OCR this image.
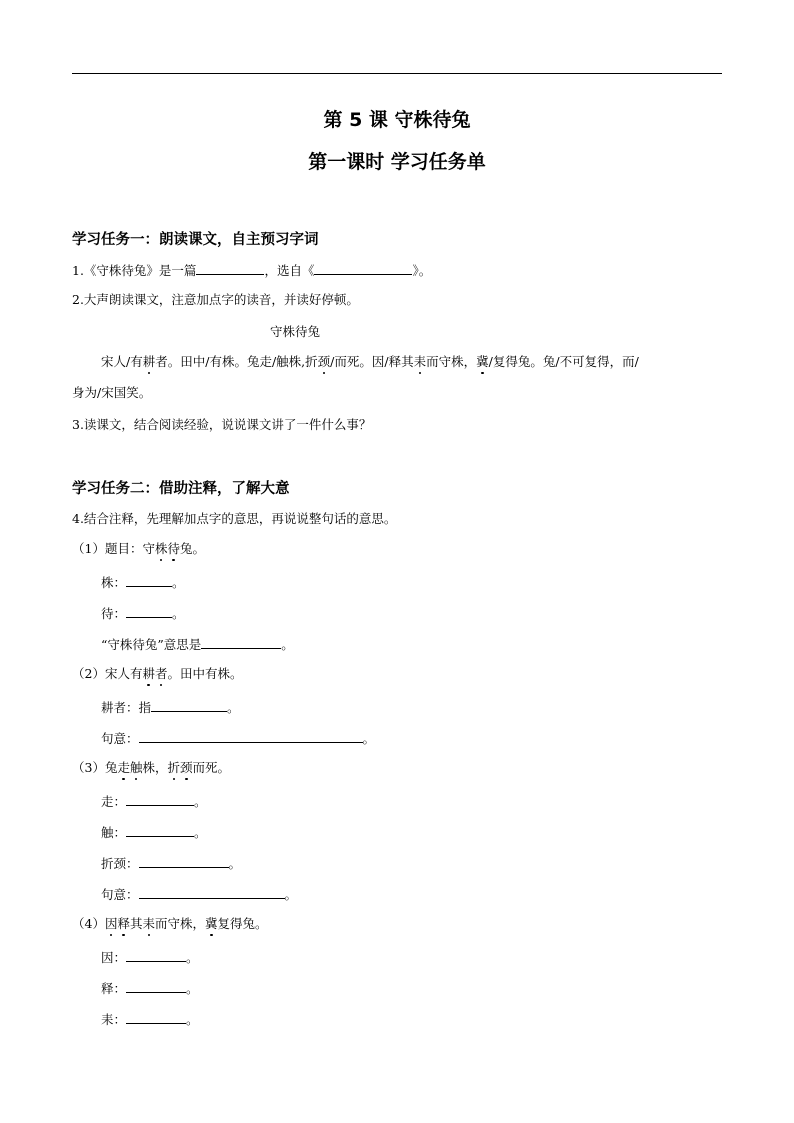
第 5 课 守株待兔
第一课时 学习任务单
学习任务一：朗读课文，自主预习字词
1.《守株待兔》是一篇	，选自《	》。
2.大声朗读课文，注意加点字的读音，并读好停顿。
守株待兔
宋人/有耕者。田中/有株。兔走/触株,折颈/而死。因/释其耒而守株，冀/复得兔。兔/不可复得，而/
身为/宋国笑。
3.读课文，结合阅读经验，说说课文讲了一件什么事？
学习任务二：借助注释，了解大意
4.结合注释，先理解加点字的意思，再说说整句话的意思。
（1）题目：守株待兔。
株：	。
待：	。
“守株待兔”意思是	。
（2）宋人有耕者。田中有株。
耕者：指	。
句意：	。
（3）兔走触株，折颈而死。
走：	。
触：	。
折颈：	。
句意：	。
（4）因释其耒而守株，冀复得兔。
因：	。
释：	。
耒：	。
